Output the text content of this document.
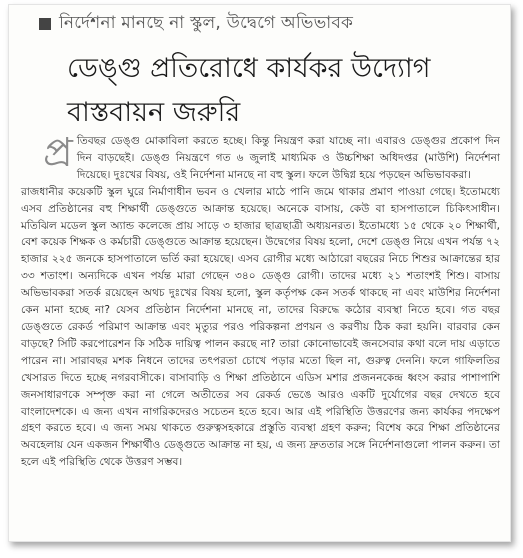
নির্দেশনা মানছে না স্কুল, উদ্বেগে অভিভাবক
ডেঙ্গু প্রতিরোধে কার্যকর উদ্যোগ
বাস্তবায়ন জরুরি
প্র তিবছর ডেঙ্গু মোকাবিলা করতে হচ্ছে। কিন্তু নিয়ন্ত্রণ করা যাচ্ছে না। এবারও ডেঙ্গুর প্রকোপ দিন দিন বাড়ছেই। ডেঙ্গু নিয়ন্ত্রণে গত ৬ জুলাই মাধ্যমিক ও উচ্চশিক্ষা অধিদপ্তর (মাউশি) নির্দেশনা দিয়েছে। দুঃখের বিষয়, ওই নির্দেশনা মানছে না বহু স্কুল। ফলে উদ্বিগ্ন হয়ে পড়ছেন অভিভাবকরা।

রাজধানীর কয়েকটি স্কুল ঘুরে নির্মাণাধীন ভবন ও খেলার মাঠে পানি জমে থাকার প্রমাণ পাওয়া গেছে। ইতোমধ্যে এসব প্রতিষ্ঠানের বহু শিক্ষার্থী ডেঙ্গুতে আক্রান্ত হয়েছে। অনেকে বাসায়, কেউ বা হাসপাতালে চিকিৎসাধীন। মতিঝিল মডেল স্কুল অ্যান্ড কলেজে প্রায় সাড়ে ৩ হাজার ছাত্রছাত্রী অধ্যয়নরত। ইতোমধ্যে ১৫ থেকে ২০ শিক্ষার্থী, বেশ কয়েক শিক্ষক ও কর্মচারী ডেঙ্গুতে আক্রান্ত হয়েছেন। উদ্বেগের বিষয় হলো, দেশে ডেঙ্গু নিয়ে এখন পর্যন্ত ৭২ হাজার ২২৫ জনকে হাসপাতালে ভর্তি করা হয়েছে। এসব রোগীর মধ্যে আঠারো বছরের নিচে শিশুর আক্রান্তের হার ৩৩ শতাংশ। অন্যদিকে এখন পর্যন্ত মারা গেছেন ৩৪০ ডেঙ্গু রোগী। তাদের মধ্যে ২১ শতাংশই শিশু। বাসায় অভিভাবকরা সতর্ক রয়েছেন অথচ দুঃখের বিষয় হলো, স্কুল কর্তৃপক্ষ কেন সতর্ক থাকছে না এবং মাউশির নির্দেশনা কেন মানা হচ্ছে না? যেসব প্রতিষ্ঠান নির্দেশনা মানছে না, তাদের বিরুদ্ধে কঠোর ব্যবস্থা নিতে হবে। গত বছর ডেঙ্গুতে রেকর্ড পরিমাণ আক্রান্ত এবং মৃত্যুর পরও পরিকল্পনা প্রণয়ন ও করণীয় ঠিক করা হয়নি। বারবার কেন বাড়ছে? সিটি করপোরেশন কি সঠিক দায়িত্ব পালন করছে না? তারা কোনোভাবেই জনসেবার কথা বলে দায় এড়াতে পারেন না। সারাবছর মশক নিধনে তাদের তৎপরতা চোখে পড়ার মতো ছিল না, গুরুত্ব দেননি। ফলে গাফিলতির খেসারত দিতে হচ্ছে নগরবাসীকে। বাসাবাড়ি ও শিক্ষা প্রতিষ্ঠানে এডিস মশার প্রজননকেন্দ্র ধ্বংস করার পাশাপাশি জনসাধারণকে সম্পৃক্ত করা না গেলে অতীতের সব রেকর্ড ভেঙে আরও একটি দুর্যোগের বছর দেখতে হবে বাংলাদেশকে। এ জন্য এখন নাগরিকদেরও সচেতন হতে হবে। আর এই পরিস্থিতি উত্তরণের জন্য কার্যকর পদক্ষেপ গ্রহণ করতে হবে। এ জন্য সময় থাকতে গুরুত্বসহকারে প্রস্তুতি ব্যবস্থা গ্রহণ করুন; বিশেষ করে শিক্ষা প্রতিষ্ঠানের অবহেলায় যেন একজন শিক্ষার্থীও ডেঙ্গুতে আক্রান্ত না হয়, এ জন্য দ্রুততার সঙ্গে নির্দেশনাগুলো পালন করুন। তা হলে এই পরিস্থিতি থেকে উত্তরণ সম্ভব।
